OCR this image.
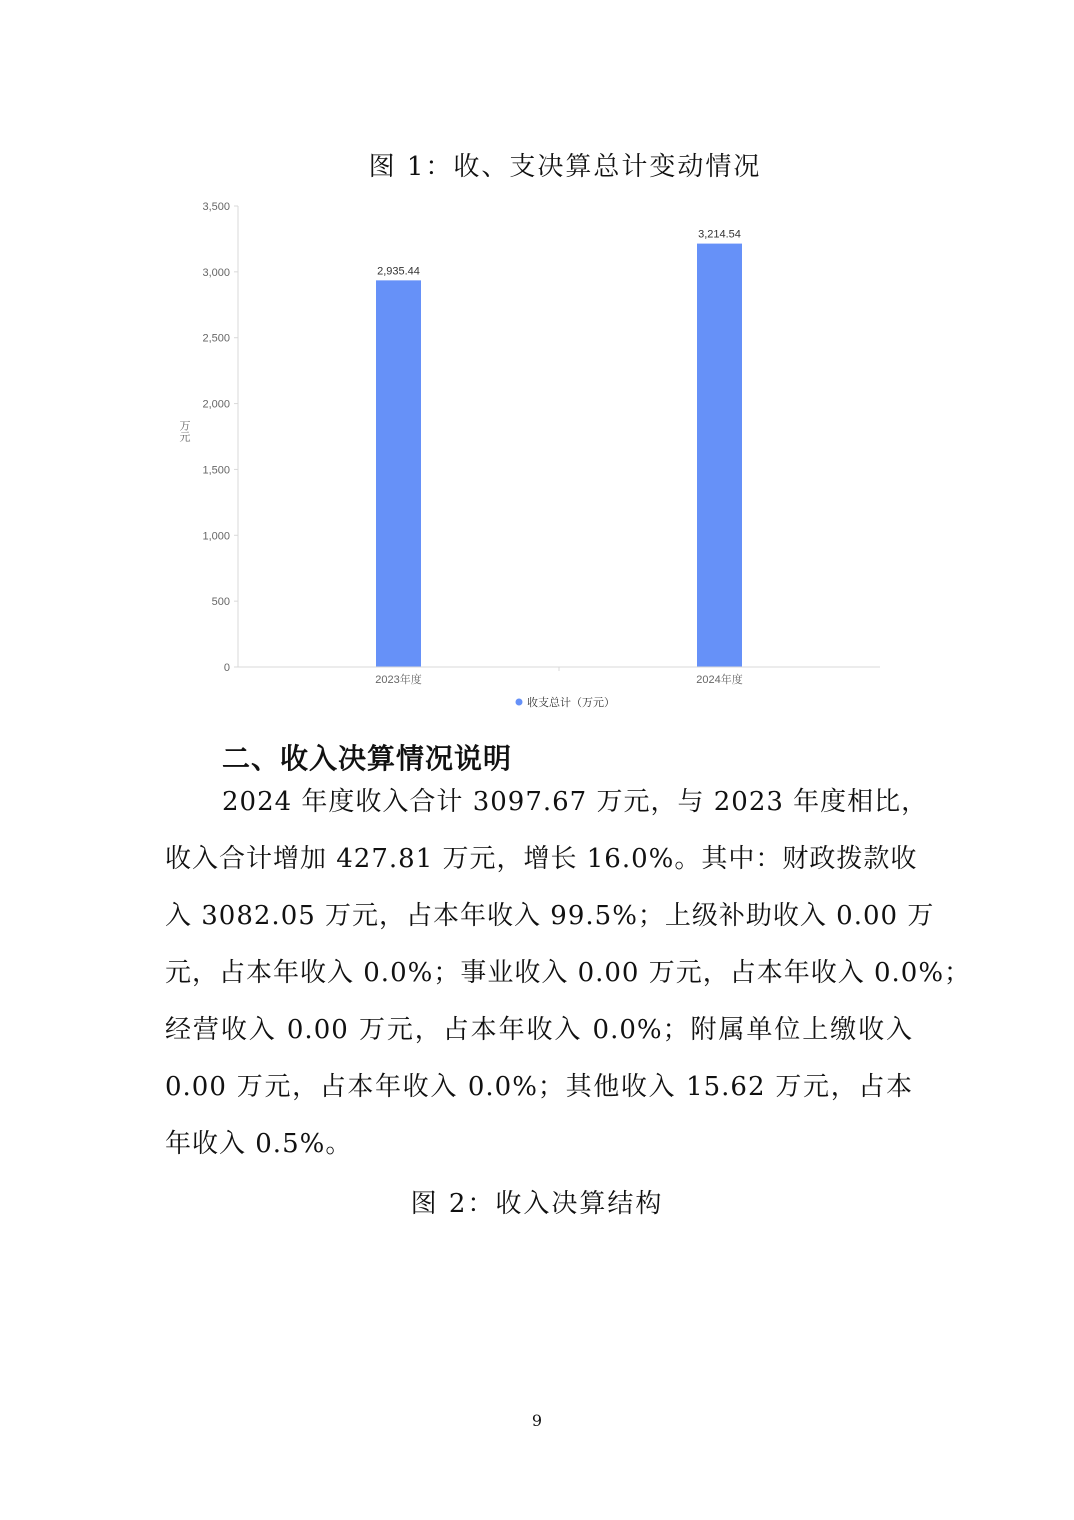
图 1：收、支决算总计变动情况
万元
0
500
1,000
1,500
2,000
2,500
3,000
3,500
2,935.44
3,214.54
2023年度	2024年度
收支总计（万元）
二、收入决算情况说明
2024 年度收入合计 3097.67 万元，与 2023 年度相比，
收入合计增加 427.81 万元，增长 16.0%。其中：财政拨款收
入 3082.05 万元，占本年收入 99.5%；上级补助收入 0.00 万
元，占本年收入 0.0%；事业收入 0.00 万元，占本年收入 0.0%；
经营收入 0.00 万元，占本年收入 0.0%；附属单位上缴收入
0.00 万元，占本年收入 0.0%；其他收入 15.62 万元，占本
年收入 0.5%。
图 2：收入决算结构
9
